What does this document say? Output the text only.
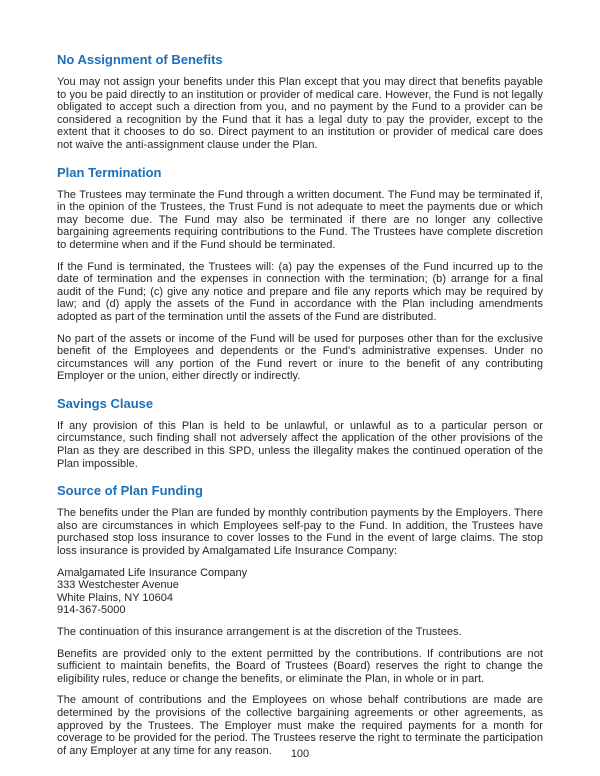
No Assignment of Benefits

You may not assign your benefits under this Plan except that you may direct that benefits payable to you be paid directly to an institution or provider of medical care. However, the Fund is not legally obligated to accept such a direction from you, and no payment by the Fund to a provider can be considered a recognition by the Fund that it has a legal duty to pay the provider, except to the extent that it chooses to do so. Direct payment to an institution or provider of medical care does not waive the anti-assignment clause under the Plan.

Plan Termination

The Trustees may terminate the Fund through a written document. The Fund may be terminated if, in the opinion of the Trustees, the Trust Fund is not adequate to meet the payments due or which may become due. The Fund may also be terminated if there are no longer any collective bargaining agreements requiring contributions to the Fund. The Trustees have complete discretion to determine when and if the Fund should be terminated.

If the Fund is terminated, the Trustees will: (a) pay the expenses of the Fund incurred up to the date of termination and the expenses in connection with the termination; (b) arrange for a final audit of the Fund; (c) give any notice and prepare and file any reports which may be required by law; and (d) apply the assets of the Fund in accordance with the Plan including amendments adopted as part of the termination until the assets of the Fund are distributed.

No part of the assets or income of the Fund will be used for purposes other than for the exclusive benefit of the Employees and dependents or the Fund's administrative expenses. Under no circumstances will any portion of the Fund revert or inure to the benefit of any contributing Employer or the union, either directly or indirectly.

Savings Clause

If any provision of this Plan is held to be unlawful, or unlawful as to a particular person or circumstance, such finding shall not adversely affect the application of the other provisions of the Plan as they are described in this SPD, unless the illegality makes the continued operation of the Plan impossible.

Source of Plan Funding

The benefits under the Plan are funded by monthly contribution payments by the Employers. There also are circumstances in which Employees self-pay to the Fund. In addition, the Trustees have purchased stop loss insurance to cover losses to the Fund in the event of large claims. The stop loss insurance is provided by Amalgamated Life Insurance Company:

Amalgamated Life Insurance Company
333 Westchester Avenue
White Plains, NY 10604
914-367-5000

The continuation of this insurance arrangement is at the discretion of the Trustees.

Benefits are provided only to the extent permitted by the contributions. If contributions are not sufficient to maintain benefits, the Board of Trustees (Board) reserves the right to change the eligibility rules, reduce or change the benefits, or eliminate the Plan, in whole or in part.

The amount of contributions and the Employees on whose behalf contributions are made are determined by the provisions of the collective bargaining agreements or other agreements, as approved by the Trustees. The Employer must make the required payments for a month for coverage to be provided for the period. The Trustees reserve the right to terminate the participation of any Employer at any time for any reason.	100
